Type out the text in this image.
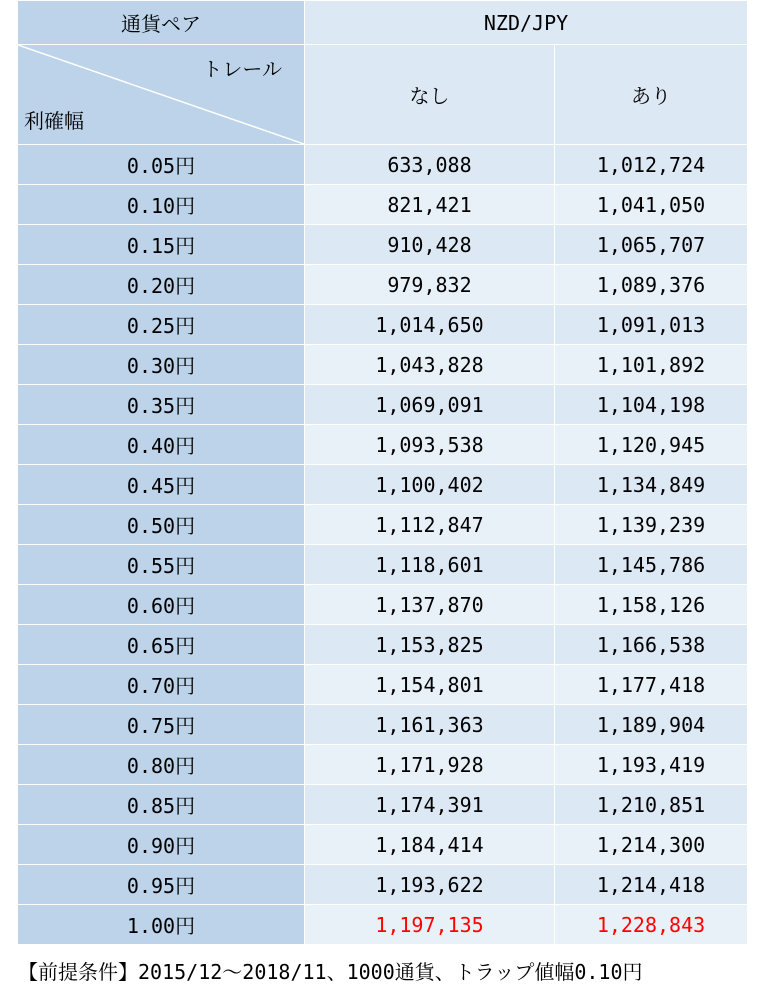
通貨ペア	NZD/JPY	

トレール
利確幅	なし	あり
0.05円	633,088	1,012,724
0.10円	821,421	1,041,050
0.15円	910,428	1,065,707
0.20円	979,832	1,089,376
0.25円	1,014,650	1,091,013
0.30円	1,043,828	1,101,892
0.35円	1,069,091	1,104,198
0.40円	1,093,538	1,120,945
0.45円	1,100,402	1,134,849
0.50円	1,112,847	1,139,239
0.55円	1,118,601	1,145,786
0.60円	1,137,870	1,158,126
0.65円	1,153,825	1,166,538
0.70円	1,154,801	1,177,418
0.75円	1,161,363	1,189,904
0.80円	1,171,928	1,193,419
0.85円	1,174,391	1,210,851
0.90円	1,184,414	1,214,300
0.95円	1,193,622	1,214,418
1.00円	1,197,135	1,228,843
【前提条件】2015/12～2018/11、1000通貨、トラップ値幅0.10円
